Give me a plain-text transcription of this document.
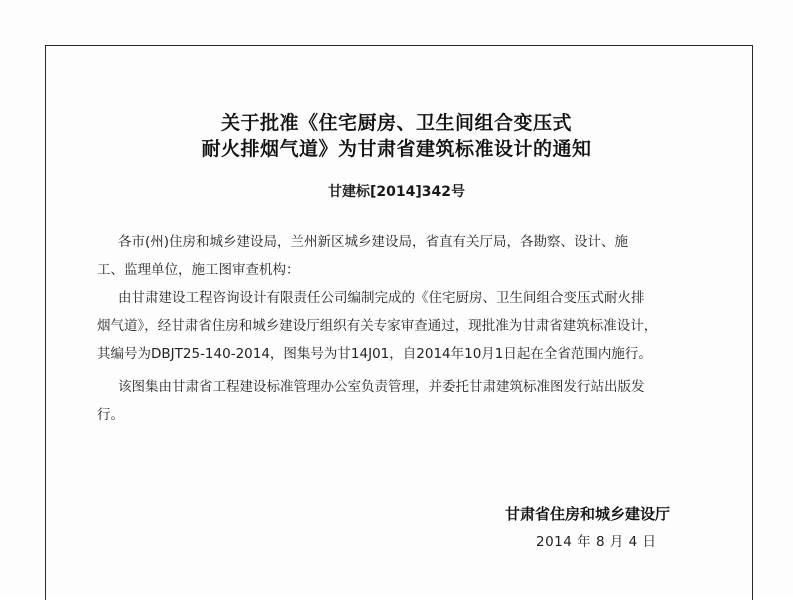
关于批准《住宅厨房、卫生间组合变压式
耐火排烟气道》为甘肃省建筑标准设计的通知
甘建标[2014]342号
各市(州)住房和城乡建设局，兰州新区城乡建设局，省直有关厅局，各勘察、设计、施
工、监理单位，施工图审查机构：
由甘肃建设工程咨询设计有限责任公司编制完成的《住宅厨房、卫生间组合变压式耐火排
烟气道》，经甘肃省住房和城乡建设厅组织有关专家审查通过，现批准为甘肃省建筑标准设计，
其编号为DBJT25-140-2014，图集号为甘14J01，自2014年10月1日起在全省范围内施行。
该图集由甘肃省工程建设标准管理办公室负责管理，并委托甘肃建筑标准图发行站出版发
行。
甘肃省住房和城乡建设厅
2014 年 8 月 4 日
